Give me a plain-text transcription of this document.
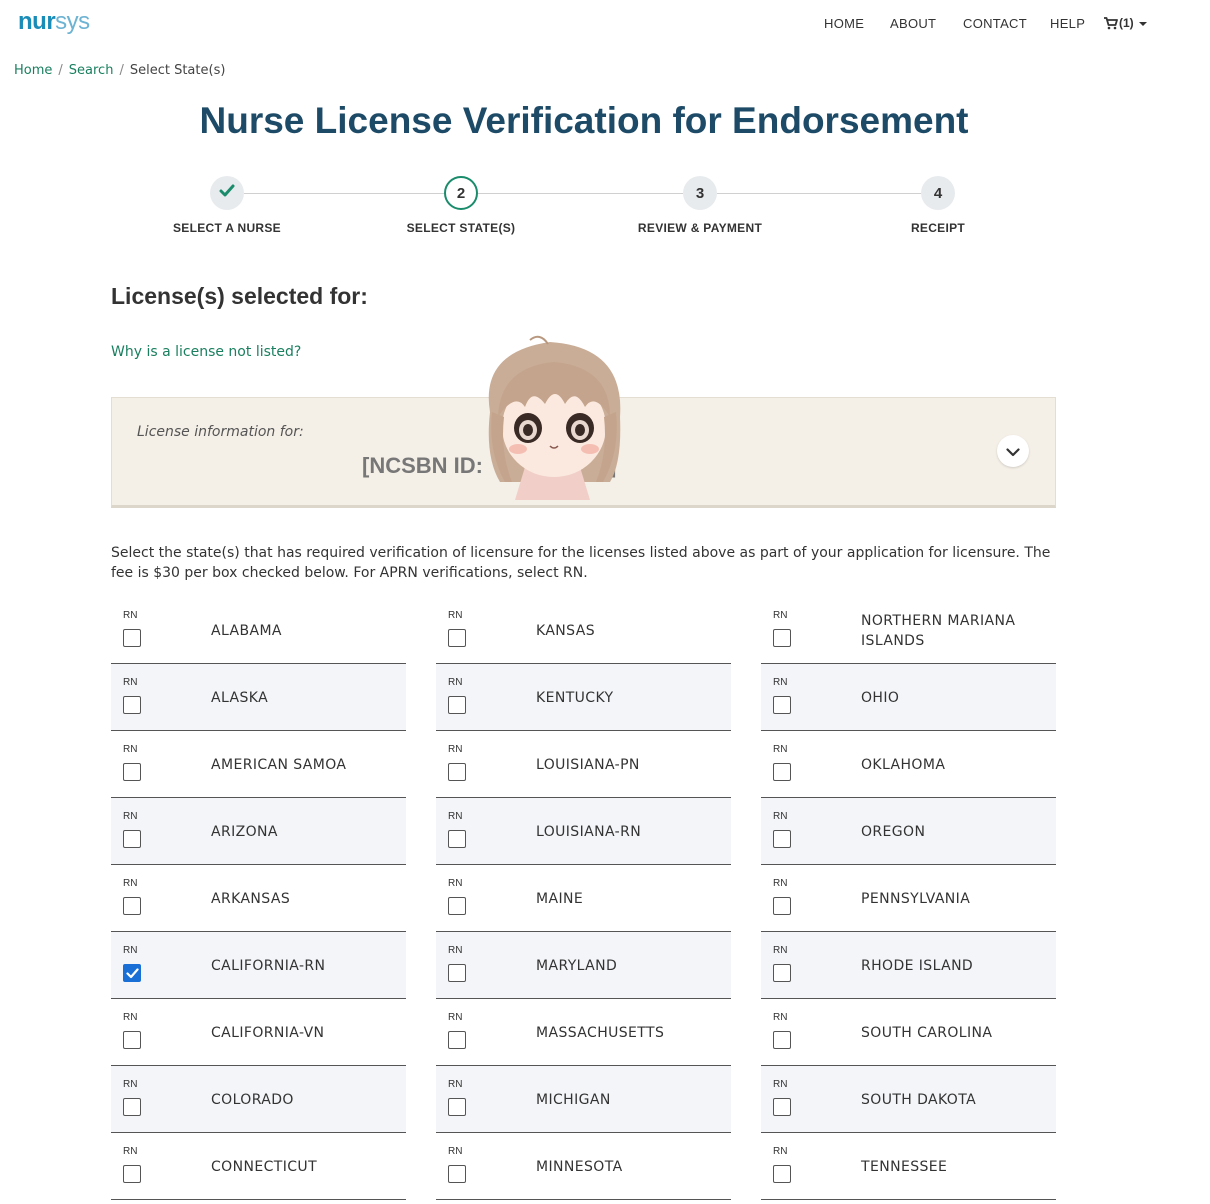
nursys	HOME ABOUT CONTACT HELP	(1)
Home / Search / Select State(s)
Nurse License Verification for Endorsement
SELECT A NURSE
2
SELECT STATE(S)
3
REVIEW & PAYMENT
4
RECEIPT
License(s) selected for:
Why is a license not listed?
License information for:
[NCSBN ID:

Select the state(s) that has required verification of licensure for the licenses listed above as part of your application for licensure. The fee is $30 per box checked below. For APRN verifications, select RN.

RN
ALABAMA
RN
ALASKA
RN
AMERICAN SAMOA
RN
ARIZONA
RN
ARKANSAS
RN
CALIFORNIA-RN
RN
CALIFORNIA-VN
RN
COLORADO
RN
CONNECTICUT
RN
KANSAS
RN
KENTUCKY
RN
LOUISIANA-PN
RN
LOUISIANA-RN
RN
MAINE
RN
MARYLAND
RN
MASSACHUSETTS
RN
MICHIGAN
RN
MINNESOTA
RN	NORTHERN MARIANA ISLANDS
RN
OHIO
RN
OKLAHOMA
RN
OREGON
RN
PENNSYLVANIA
RN
RHODE ISLAND
RN
SOUTH CAROLINA
RN
SOUTH DAKOTA
RN
TENNESSEE
